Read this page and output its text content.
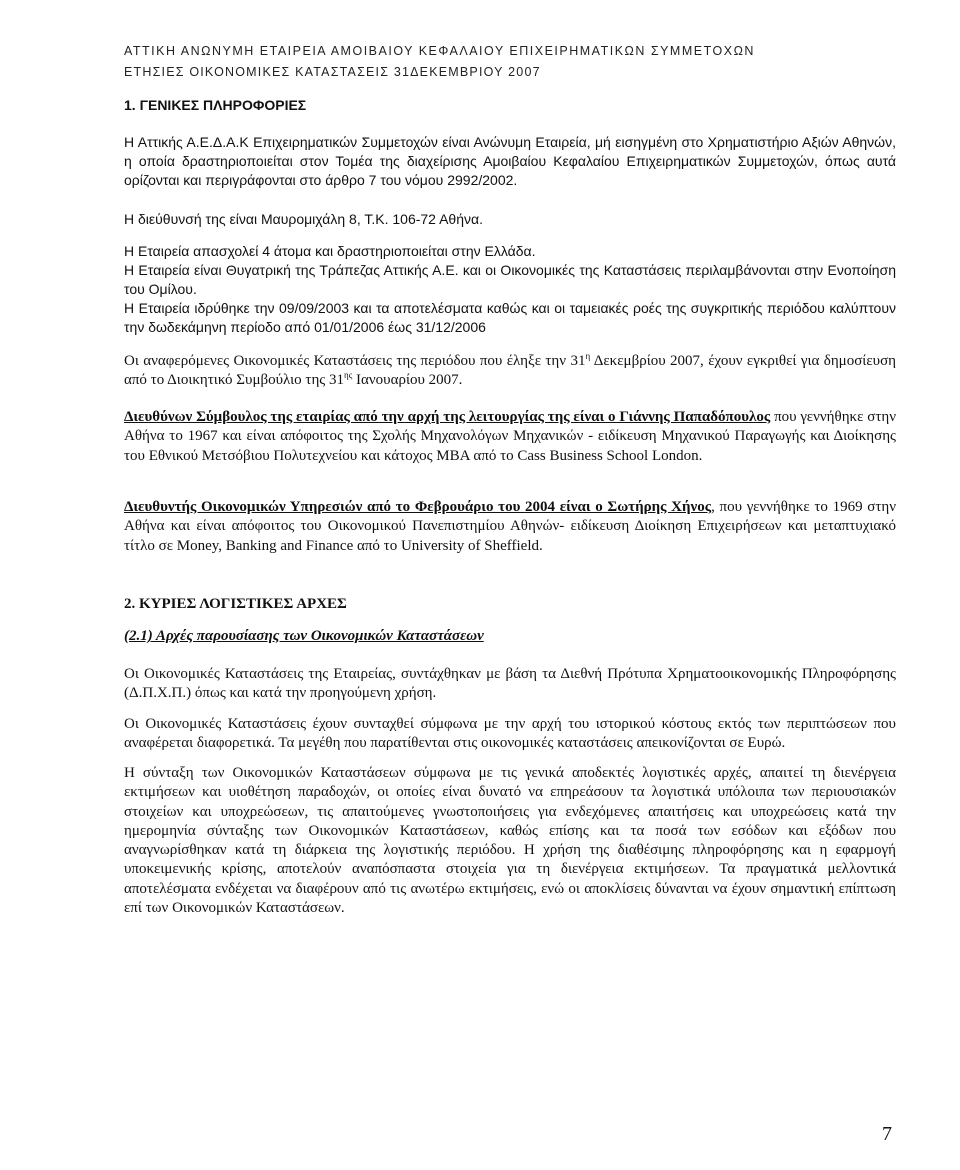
ΑΤΤΙΚΗ ΑΝΩΝΥΜΗ ΕΤΑΙΡΕΙΑ ΑΜΟΙΒΑΙΟΥ ΚΕΦΑΛΑΙΟΥ ΕΠΙΧΕΙΡΗΜΑΤΙΚΩΝ ΣΥΜΜΕΤΟΧΩΝ
ΕΤΗΣΙΕΣ ΟΙΚΟΝΟΜΙΚΕΣ ΚΑΤΑΣΤΑΣΕΙΣ 31ΔΕΚΕΜΒΡΙΟΥ 2007
1. ΓΕΝΙΚΕΣ ΠΛΗΡΟΦΟΡΙΕΣ

Η Αττικής Α.Ε.Δ.Α.Κ Επιχειρηματικών Συμμετοχών είναι Ανώνυμη Εταιρεία, μή εισηγμένη στο Χρηματιστήριο Αξιών Αθηνών, η οποία δραστηριοποιείται στον Τομέα της διαχείρισης Αμοιβαίου Κεφαλαίου Επιχειρηματικών Συμμετοχών, όπως αυτά ορίζονται και περιγράφονται στο άρθρο 7 του νόμου 2992/2002.

Η διεύθυνσή της είναι Μαυρομιχάλη 8, Τ.Κ. 106-72 Αθήνα.

Η Εταιρεία απασχολεί 4 άτομα και δραστηριοποιείται στην Ελλάδα.

Η Εταιρεία είναι Θυγατρική της Τράπεζας Αττικής Α.Ε. και οι Οικονομικές της Καταστάσεις περιλαμβάνονται στην Ενοποίηση του Ομίλου.

Η Εταιρεία ιδρύθηκε την 09/09/2003 και τα αποτελέσματα καθώς και οι ταμειακές ροές της συγκριτικής περιόδου καλύπτουν την δωδεκάμηνη περίοδο από 01/01/2006 έως 31/12/2006

Οι αναφερόμενες Οικονομικές Καταστάσεις της περιόδου που έληξε την $31^\eta$ Δεκεμβρίου 2007, έχουν εγκριθεί για δημοσίευση από το Διοικητικό Συμβούλιο της $31^{\eta\varsigma}$ Ιανουαρίου 2007.

Διευθύνων Σύμβουλος της εταιρίας από την αρχή της λειτουργίας της είναι ο Γιάννης Παπαδόπουλος που γεννήθηκε στην Αθήνα το 1967 και είναι απόφοιτος της Σχολής Μηχανολόγων Μηχανικών - ειδίκευση Μηχανικού Παραγωγής και Διοίκησης του Εθνικού Μετσόβιου Πολυτεχνείου και κάτοχος ΜΒΑ από το Cass Business School London.

Διευθυντής Οικονομικών Υπηρεσιών από το Φεβρουάριο του 2004 είναι ο Σωτήρης Χήνος, που γεννήθηκε το 1969 στην Αθήνα και είναι απόφοιτος του Οικονομικού Πανεπιστημίου Αθηνών- ειδίκευση Διοίκηση Επιχειρήσεων και μεταπτυχιακό τίτλο σε Money, Banking and Finance από το University of Sheffield.

2. ΚΥΡΙΕΣ ΛΟΓΙΣΤΙΚΕΣ ΑΡΧΕΣ
(2.1) Αρχές παρουσίασης των Οικονομικών Καταστάσεων

Οι Οικονομικές Καταστάσεις της Εταιρείας, συντάχθηκαν με βάση τα Διεθνή Πρότυπα Χρηματοοικονομικής Πληροφόρησης (Δ.Π.Χ.Π.) όπως και κατά την προηγούμενη χρήση.

Οι Οικονομικές Καταστάσεις έχουν συνταχθεί σύμφωνα με την αρχή του ιστορικού κόστους εκτός των περιπτώσεων που αναφέρεται διαφορετικά. Τα μεγέθη που παρατίθενται στις οικονομικές καταστάσεις απεικονίζονται σε Ευρώ.

Η σύνταξη των Οικονομικών Καταστάσεων σύμφωνα με τις γενικά αποδεκτές λογιστικές αρχές, απαιτεί τη διενέργεια εκτιμήσεων και υιοθέτηση παραδοχών, οι οποίες είναι δυνατό να επηρεάσουν τα λογιστικά υπόλοιπα των περιουσιακών στοιχείων και υποχρεώσεων, τις απαιτούμενες γνωστοποιήσεις για ενδεχόμενες απαιτήσεις και υποχρεώσεις κατά την ημερομηνία σύνταξης των Οικονομικών Καταστάσεων, καθώς επίσης και τα ποσά των εσόδων και εξόδων που αναγνωρίσθηκαν κατά τη διάρκεια της λογιστικής περιόδου. Η χρήση της διαθέσιμης πληροφόρησης και η εφαρμογή υποκειμενικής κρίσης, αποτελούν αναπόσπαστα στοιχεία για τη διενέργεια εκτιμήσεων. Τα πραγματικά μελλοντικά αποτελέσματα ενδέχεται να διαφέρουν από τις ανωτέρω εκτιμήσεις, ενώ οι αποκλίσεις δύνανται να έχουν σημαντική επίπτωση επί των Οικονομικών Καταστάσεων.

7
